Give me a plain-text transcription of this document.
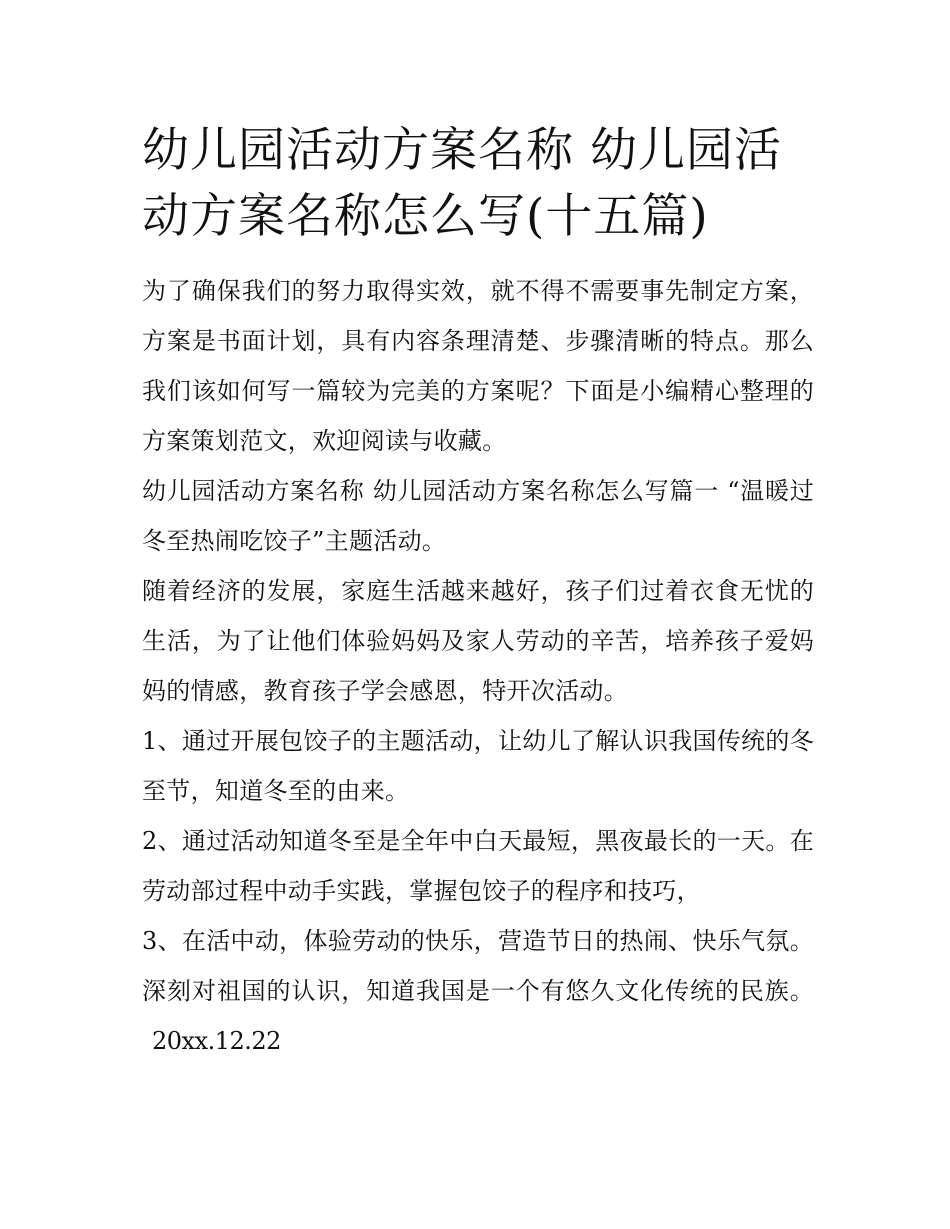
幼儿园活动方案名称 幼儿园活动方案名称怎么写(十五篇)

为了确保我们的努力取得实效，就不得不需要事先制定方案，方案是书面计划，具有内容条理清楚、步骤清晰的特点。那么我们该如何写一篇较为完美的方案呢？下面是小编精心整理的方案策划范文，欢迎阅读与收藏。

幼儿园活动方案名称 幼儿园活动方案名称怎么写篇一 “温暖过冬至热闹吃饺子”主题活动。

随着经济的发展，家庭生活越来越好，孩子们过着衣食无忧的生活，为了让他们体验妈妈及家人劳动的辛苦，培养孩子爱妈妈的情感，教育孩子学会感恩，特开次活动。

1、通过开展包饺子的主题活动，让幼儿了解认识我国传统的冬至节，知道冬至的由来。

2、通过活动知道冬至是全年中白天最短，黑夜最长的一天。在劳动部过程中动手实践，掌握包饺子的程序和技巧，

3、在活中动，体验劳动的快乐，营造节日的热闹、快乐气氛。深刻对祖国的认识，知道我国是一个有悠久文化传统的民族。20xx.12.22
